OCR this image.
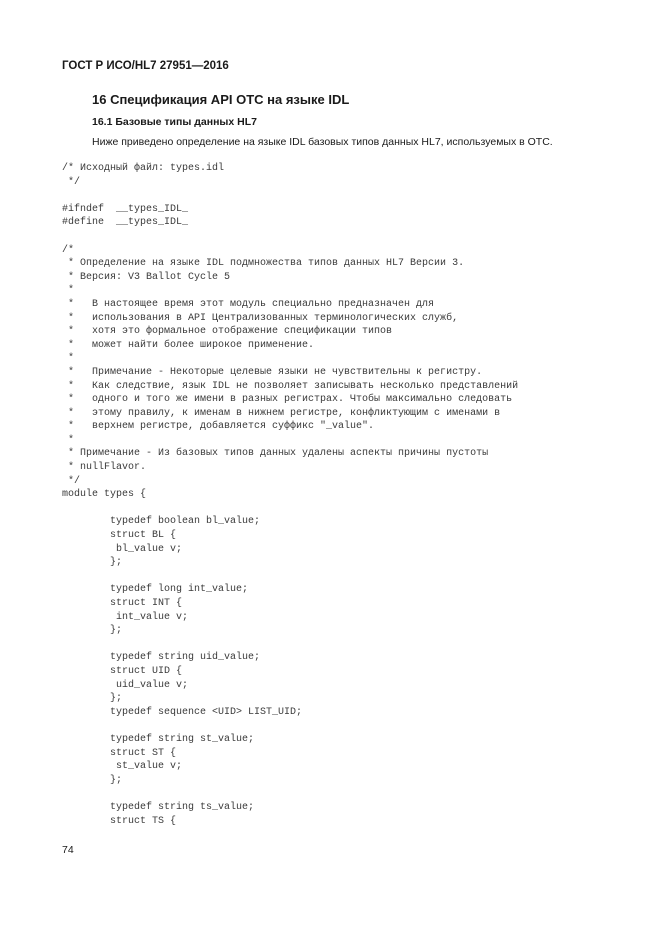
ГОСТ Р ИСО/HL7 27951—2016
16 Спецификация API OTC на языке IDL
16.1 Базовые типы данных HL7
Ниже приведено определение на языке IDL базовых типов данных HL7, используемых в OTC.
/* Исходный файл: types.idl
*/
#ifndef  __types_IDL_
#define  __types_IDL_
/*
* Определение на языке IDL подмножества типов данных HL7 Версии 3.
* Версия: V3 Ballot Cycle 5
*
*   В настоящее время этот модуль специально предназначен для
*   использования в API Централизованных терминологических служб,
*   хотя это формальное отображение спецификации типов
*   может найти более широкое применение.
*
*   Примечание - Некоторые целевые языки не чувствительны к регистру.
*   Как следствие, язык IDL не позволяет записывать несколько представлений
*   одного и того же имени в разных регистрах. Чтобы максимально следовать
*   этому правилу, к именам в нижнем регистре, конфликтующим с именами в
*   верхнем регистре, добавляется суффикс "_value".
*
* Примечание - Из базовых типов данных удалены аспекты причины пустоты
* nullFlavor.
*/
module types {
typedef boolean bl_value;
struct BL {
bl_value v;
};
typedef long int_value;
struct INT {
int_value v;
};
typedef string uid_value;
struct UID {
uid_value v;
};
typedef sequence <UID> LIST_UID;
typedef string st_value;
struct ST {
st_value v;
};
typedef string ts_value;
struct TS {
74
